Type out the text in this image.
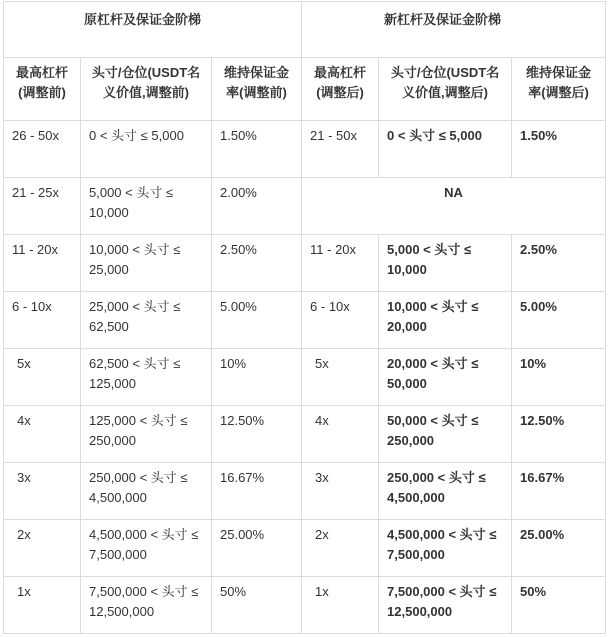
原杠杆及保证金阶梯			新杠杆及保证金阶梯		

最高杠杆(调整前)	头寸/仓位(USDT名义价值,调整前)	维持保证金率(调整前)	最高杠杆(调整后)	头寸/仓位(USDT名义价值,调整后)	维持保证金率(调整后)

26 - 50x	0 < 头寸 ≤ 5,000	1.50%	21 - 50x	0 < 头寸 ≤ 5,000	1.50%

21 - 25x	5,000 < 头寸 ≤ 10,000	2.00%	NA		

11 - 20x	10,000 < 头寸 ≤ 25,000	2.50%	11 - 20x	5,000 < 头寸 ≤ 10,000	2.50%

6 - 10x	25,000 < 头寸 ≤ 62,500	5.00%	6 - 10x	10,000 < 头寸 ≤ 20,000	5.00%

5x	62,500 < 头寸 ≤ 125,000	10%	5x	20,000 < 头寸 ≤ 50,000	10%

4x	125,000 < 头寸 ≤ 250,000	12.50%	4x	50,000 < 头寸 ≤ 250,000	12.50%

3x	250,000 < 头寸 ≤ 4,500,000	16.67%	3x	250,000 < 头寸 ≤ 4,500,000	16.67%

2x	4,500,000 < 头寸 ≤ 7,500,000	25.00%	2x	4,500,000 < 头寸 ≤ 7,500,000	25.00%

1x	7,500,000 < 头寸 ≤ 12,500,000	50%	1x	7,500,000 < 头寸 ≤ 12,500,000	50%
